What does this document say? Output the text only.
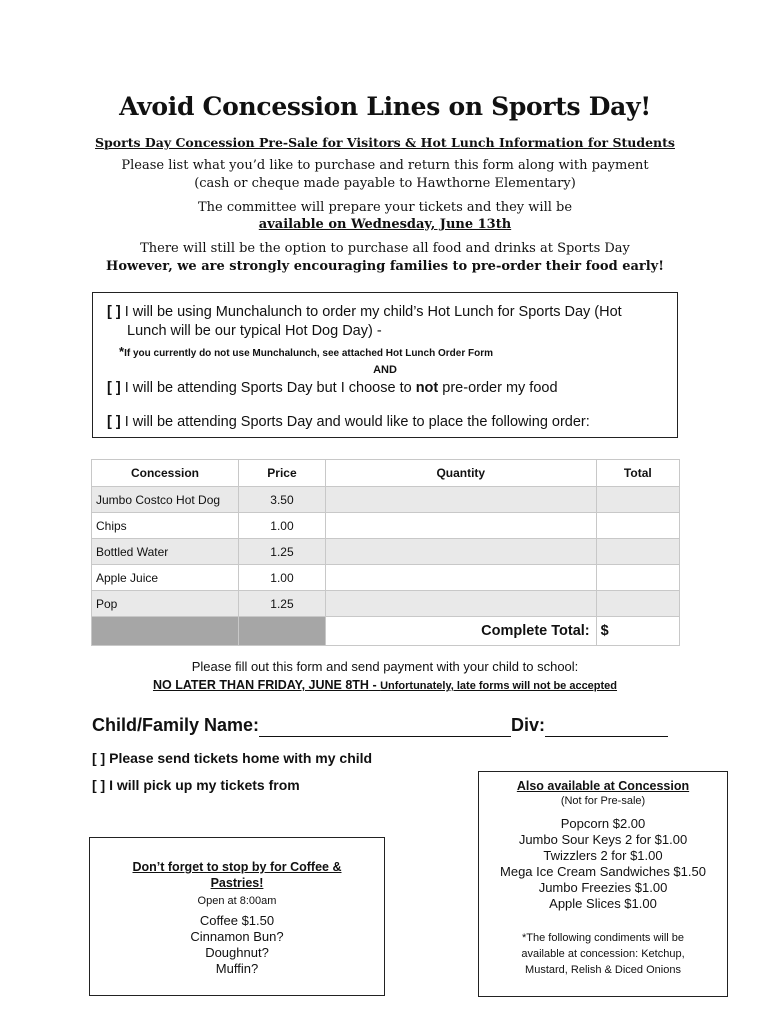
Avoid Concession Lines on Sports Day!
Sports Day Concession Pre-Sale for Visitors & Hot Lunch Information for Students
Please list what you’d like to purchase and return this form along with payment
(cash or cheque made payable to Hawthorne Elementary)
The committee will prepare your tickets and they will be
available on Wednesday, June 13th
There will still be the option to purchase all food and drinks at Sports Day
However, we are strongly encouraging families to pre-order their food early!
[ ] I will be using Munchalunch to order my child’s Hot Lunch for Sports Day (Hot
Lunch will be our typical Hot Dog Day) -
*If you currently do not use Munchalunch, see attached Hot Lunch Order Form
AND
[ ] I will be attending Sports Day but I choose to not pre-order my food
[ ] I will be attending Sports Day and would like to place the following order:
Concession	Price	Quantity	Total
Jumbo Costco Hot Dog	3.50		
Chips	1.00		
Bottled Water	1.25		
Apple Juice	1.00		
Pop	1.25		
		Complete Total:	$
Please fill out this form and send payment with your child to school:
NO LATER THAN FRIDAY, JUNE 8TH - Unfortunately, late forms will not be accepted
Child/Family Name:	Div:
[ ] Please send tickets home with my child
[ ] I will pick up my tickets from
Don’t forget to stop by for Coffee & Pastries!
Open at 8:00am
Coffee $1.50
Cinnamon Bun?
Doughnut?
Muffin?
Also available at Concession
(Not for Pre-sale)
Popcorn $2.00
Jumbo Sour Keys 2 for $1.00
Twizzlers 2 for $1.00
Mega Ice Cream Sandwiches $1.50
Jumbo Freezies $1.00
Apple Slices $1.00
*The following condiments will be available at concession: Ketchup, Mustard, Relish & Diced Onions
